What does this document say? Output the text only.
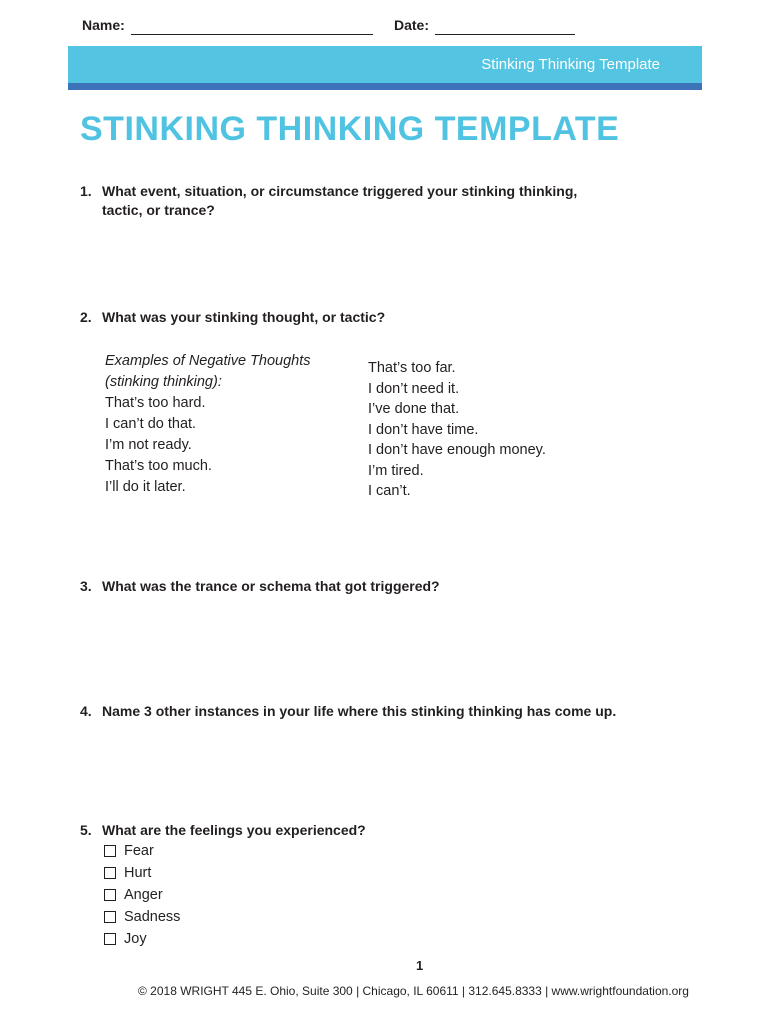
Name:	Date:
Stinking Thinking Template
STINKING THINKING TEMPLATE
1. What event, situation, or circumstance triggered your stinking thinking,
tactic, or trance?
2. What was your stinking thought, or tactic?
Examples of Negative Thoughts
(stinking thinking):
That’s too hard.
I can’t do that.
I’m not ready.
That’s too much.
I’ll do it later.
That’s too far.
I don’t need it.
I’ve done that.
I don’t have time.
I don’t have enough money.
I’m tired.
I can’t.
3. What was the trance or schema that got triggered?
4. Name 3 other instances in your life where this stinking thinking has come up.
5. What are the feelings you experienced?
Fear
Hurt
Anger
Sadness
Joy
1
© 2018 WRIGHT 445 E. Ohio, Suite 300 | Chicago, IL 60611 | 312.645.8333 | www.wrightfoundation.org
